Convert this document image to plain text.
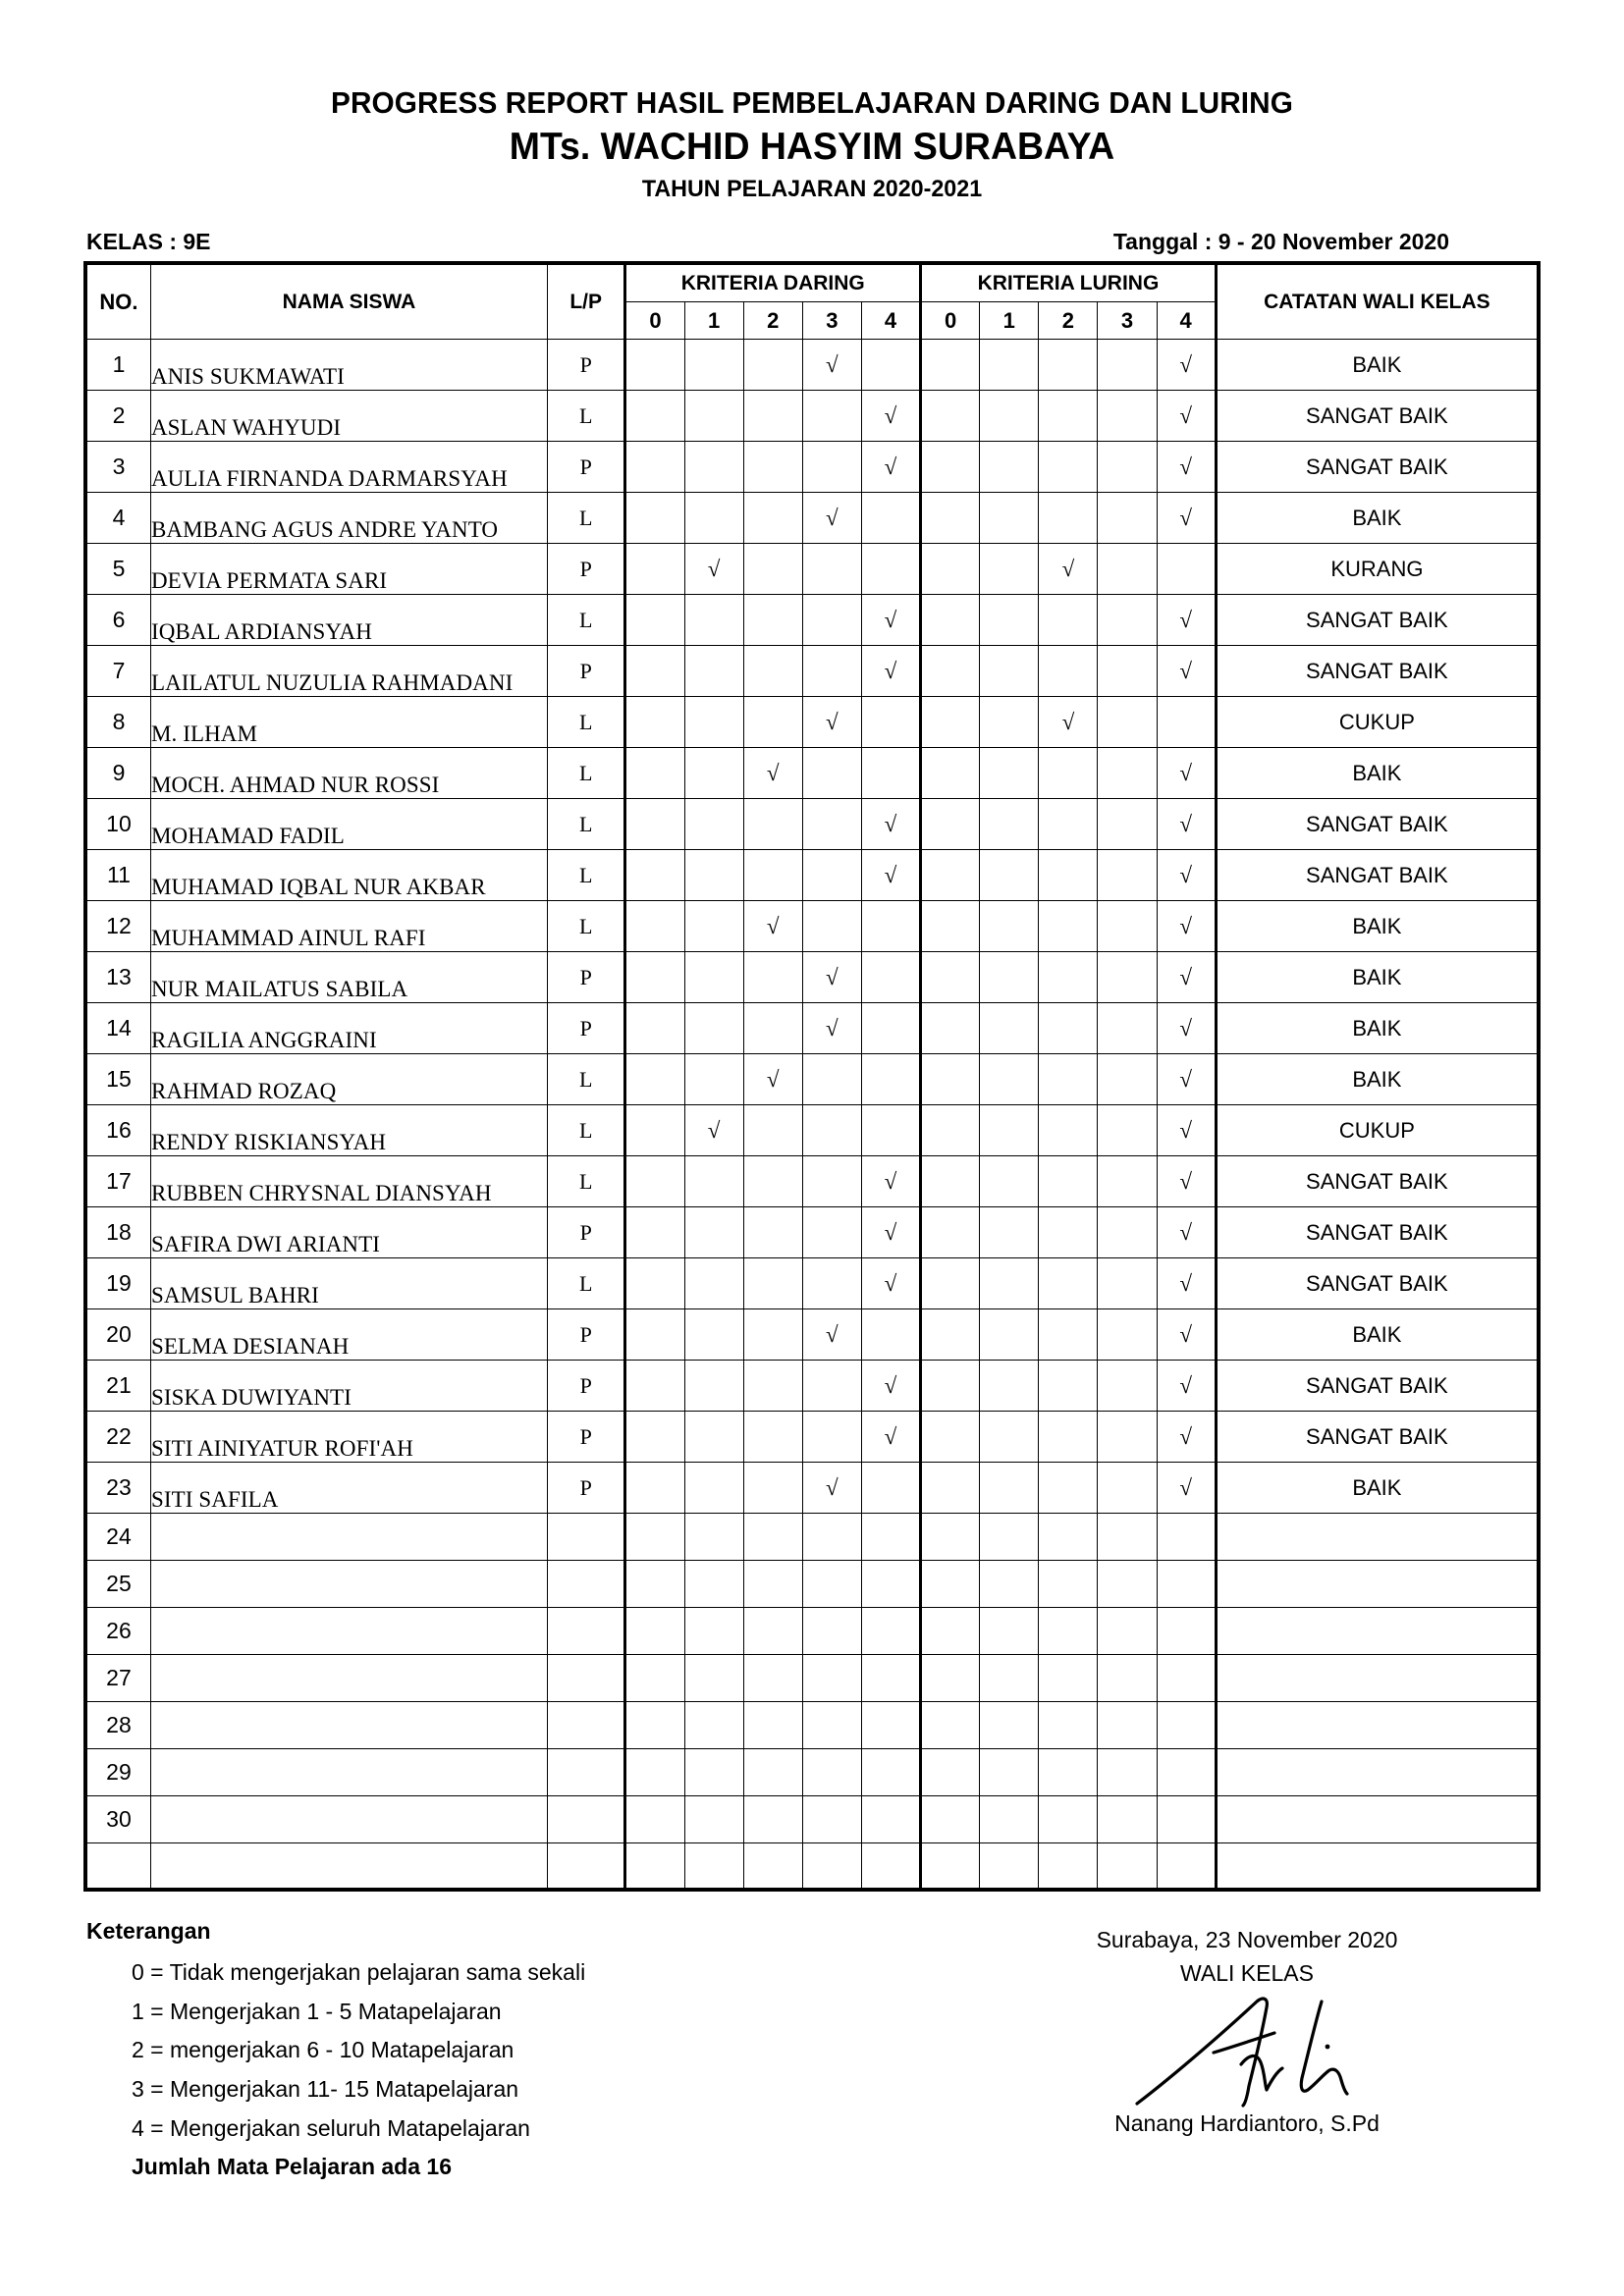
PROGRESS REPORT HASIL PEMBELAJARAN DARING DAN LURING
MTs. WACHID HASYIM SURABAYA
TAHUN PELAJARAN 2020-2021
KELAS : 9E	Tanggal : 9 - 20 November 2020
NO.	NAMA SISWA	L/P	KRITERIA DARING					KRITERIA LURING					CATATAN WALI KELAS
			0	1	2	3	4	0	1	2	3	4	
1	ANIS SUKMAWATI	P				√						√	BAIK
2	ASLAN WAHYUDI	L					√					√	SANGAT BAIK
3	AULIA FIRNANDA DARMARSYAH	P					√					√	SANGAT BAIK
4	BAMBANG AGUS ANDRE YANTO	L				√						√	BAIK
5	DEVIA PERMATA SARI	P		√						√			KURANG
6	IQBAL ARDIANSYAH	L					√					√	SANGAT BAIK
7	LAILATUL NUZULIA RAHMADANI	P					√					√	SANGAT BAIK
8	M. ILHAM	L				√				√			CUKUP
9	MOCH. AHMAD NUR ROSSI	L			√							√	BAIK
10	MOHAMAD FADIL	L					√					√	SANGAT BAIK
11	MUHAMAD IQBAL NUR AKBAR	L					√					√	SANGAT BAIK
12	MUHAMMAD AINUL RAFI	L			√							√	BAIK
13	NUR MAILATUS SABILA	P				√						√	BAIK
14	RAGILIA ANGGRAINI	P				√						√	BAIK
15	RAHMAD ROZAQ	L			√							√	BAIK
16	RENDY RISKIANSYAH	L		√								√	CUKUP
17	RUBBEN CHRYSNAL DIANSYAH	L					√					√	SANGAT BAIK
18	SAFIRA DWI ARIANTI	P					√					√	SANGAT BAIK
19	SAMSUL BAHRI	L					√					√	SANGAT BAIK
20	SELMA DESIANAH	P				√						√	BAIK
21	SISKA DUWIYANTI	P					√					√	SANGAT BAIK
22	SITI AINIYATUR ROFI'AH	P					√					√	SANGAT BAIK
23	SITI SAFILA	P				√						√	BAIK
24													
25													
26													
27													
28													
29													
30													

Keterangan
0 = Tidak mengerjakan pelajaran sama sekali
1 = Mengerjakan 1 - 5 Matapelajaran
2 = mengerjakan 6 - 10 Matapelajaran
3 = Mengerjakan 11- 15 Matapelajaran
4 = Mengerjakan seluruh Matapelajaran
Jumlah Mata Pelajaran ada 16
Surabaya, 23 November 2020
WALI KELAS
Nanang Hardiantoro, S.Pd
